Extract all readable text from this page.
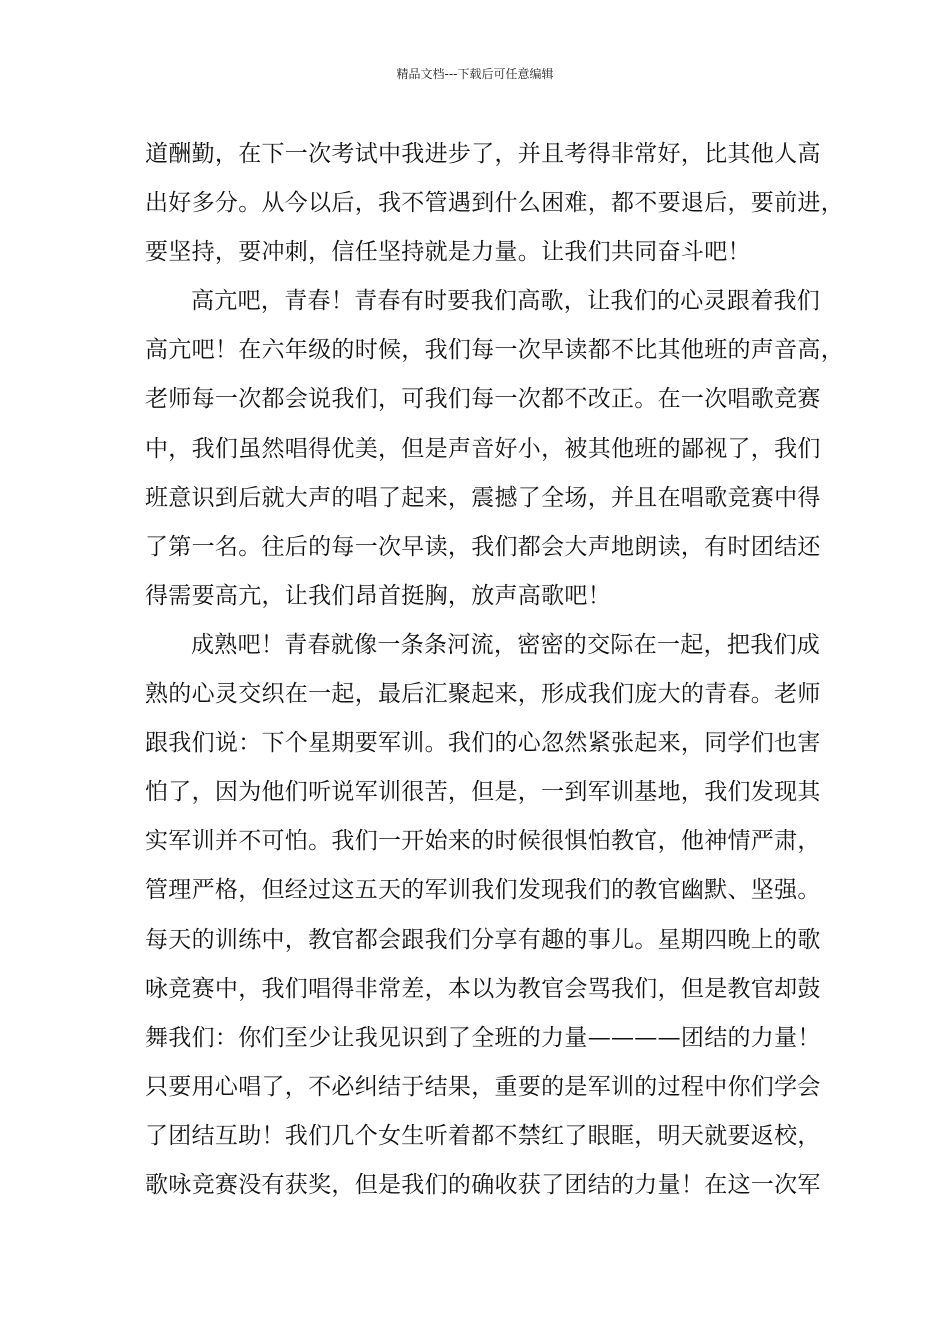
精品文档---下载后可任意编辑
道酬勤，在下一次考试中我进步了，并且考得非常好，比其他人高
出好多分。从今以后，我不管遇到什么困难，都不要退后，要前进，
要坚持，要冲刺，信任坚持就是力量。让我们共同奋斗吧！
高亢吧，青春！青春有时要我们高歌，让我们的心灵跟着我们
高亢吧！在六年级的时候，我们每一次早读都不比其他班的声音高，
老师每一次都会说我们，可我们每一次都不改正。在一次唱歌竞赛
中，我们虽然唱得优美，但是声音好小，被其他班的鄙视了，我们
班意识到后就大声的唱了起来，震撼了全场，并且在唱歌竞赛中得
了第一名。往后的每一次早读，我们都会大声地朗读，有时团结还
得需要高亢，让我们昂首挺胸，放声高歌吧！
成熟吧！青春就像一条条河流，密密的交际在一起，把我们成
熟的心灵交织在一起，最后汇聚起来，形成我们庞大的青春。老师
跟我们说：下个星期要军训。我们的心忽然紧张起来，同学们也害
怕了，因为他们听说军训很苦，但是，一到军训基地，我们发现其
实军训并不可怕。我们一开始来的时候很惧怕教官，他神情严肃，
管理严格，但经过这五天的军训我们发现我们的教官幽默、坚强。
每天的训练中，教官都会跟我们分享有趣的事儿。星期四晚上的歌
咏竞赛中，我们唱得非常差，本以为教官会骂我们，但是教官却鼓
舞我们：你们至少让我见识到了全班的力量————团结的力量！
只要用心唱了，不必纠结于结果，重要的是军训的过程中你们学会
了团结互助！我们几个女生听着都不禁红了眼眶，明天就要返校，
歌咏竞赛没有获奖，但是我们的确收获了团结的力量！在这一次军
